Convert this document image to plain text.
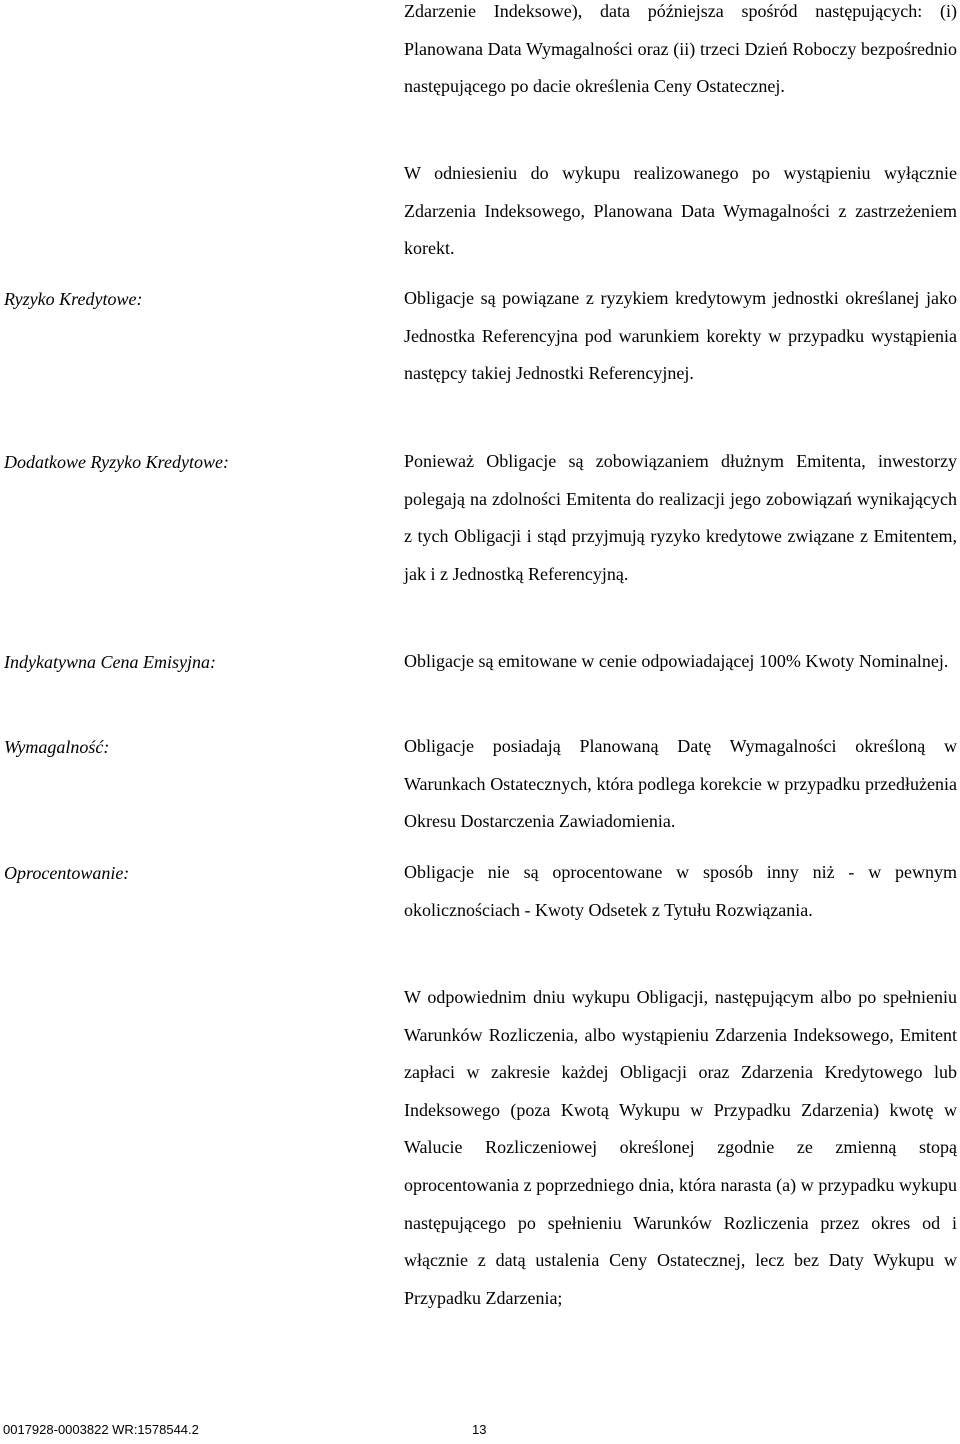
Zdarzenie Indeksowe), data późniejsza spośród następujących: (i) Planowana Data Wymagalności oraz (ii) trzeci Dzień Roboczy bezpośrednio następującego po dacie określenia Ceny Ostatecznej.

W odniesieniu do wykupu realizowanego po wystąpieniu wyłącznie Zdarzenia Indeksowego, Planowana Data Wymagalności z zastrzeżeniem korekt.

Ryzyko Kredytowe:	Obligacje są powiązane z ryzykiem kredytowym jednostki określanej jako Jednostka Referencyjna pod warunkiem korekty w przypadku wystąpienia następcy takiej Jednostki Referencyjnej.

Dodatkowe Ryzyko Kredytowe:	Ponieważ Obligacje są zobowiązaniem dłużnym Emitenta, inwestorzy polegają na zdolności Emitenta do realizacji jego zobowiązań wynikających z tych Obligacji i stąd przyjmują ryzyko kredytowe związane z Emitentem, jak i z Jednostką Referencyjną.

Indykatywna Cena Emisyjna:	Obligacje są emitowane w cenie odpowiadającej 100% Kwoty Nominalnej.

Wymagalność:	Obligacje posiadają Planowaną Datę Wymagalności określoną w Warunkach Ostatecznych, która podlega korekcie w przypadku przedłużenia Okresu Dostarczenia Zawiadomienia.

Oprocentowanie:	Obligacje nie są oprocentowane w sposób inny niż - w pewnym okolicznościach - Kwoty Odsetek z Tytułu Rozwiązania.

W odpowiednim dniu wykupu Obligacji, następującym albo po spełnieniu Warunków Rozliczenia, albo wystąpieniu Zdarzenia Indeksowego, Emitent zapłaci w zakresie każdej Obligacji oraz Zdarzenia Kredytowego lub Indeksowego (poza Kwotą Wykupu w Przypadku Zdarzenia) kwotę w Walucie Rozliczeniowej określonej zgodnie ze zmienną stopą oprocentowania z poprzedniego dnia, która narasta (a) w przypadku wykupu następującego po spełnieniu Warunków Rozliczenia przez okres od i włącznie z datą ustalenia Ceny Ostatecznej, lecz bez Daty Wykupu w Przypadku Zdarzenia;

0017928-0003822 WR:1578544.2	13
